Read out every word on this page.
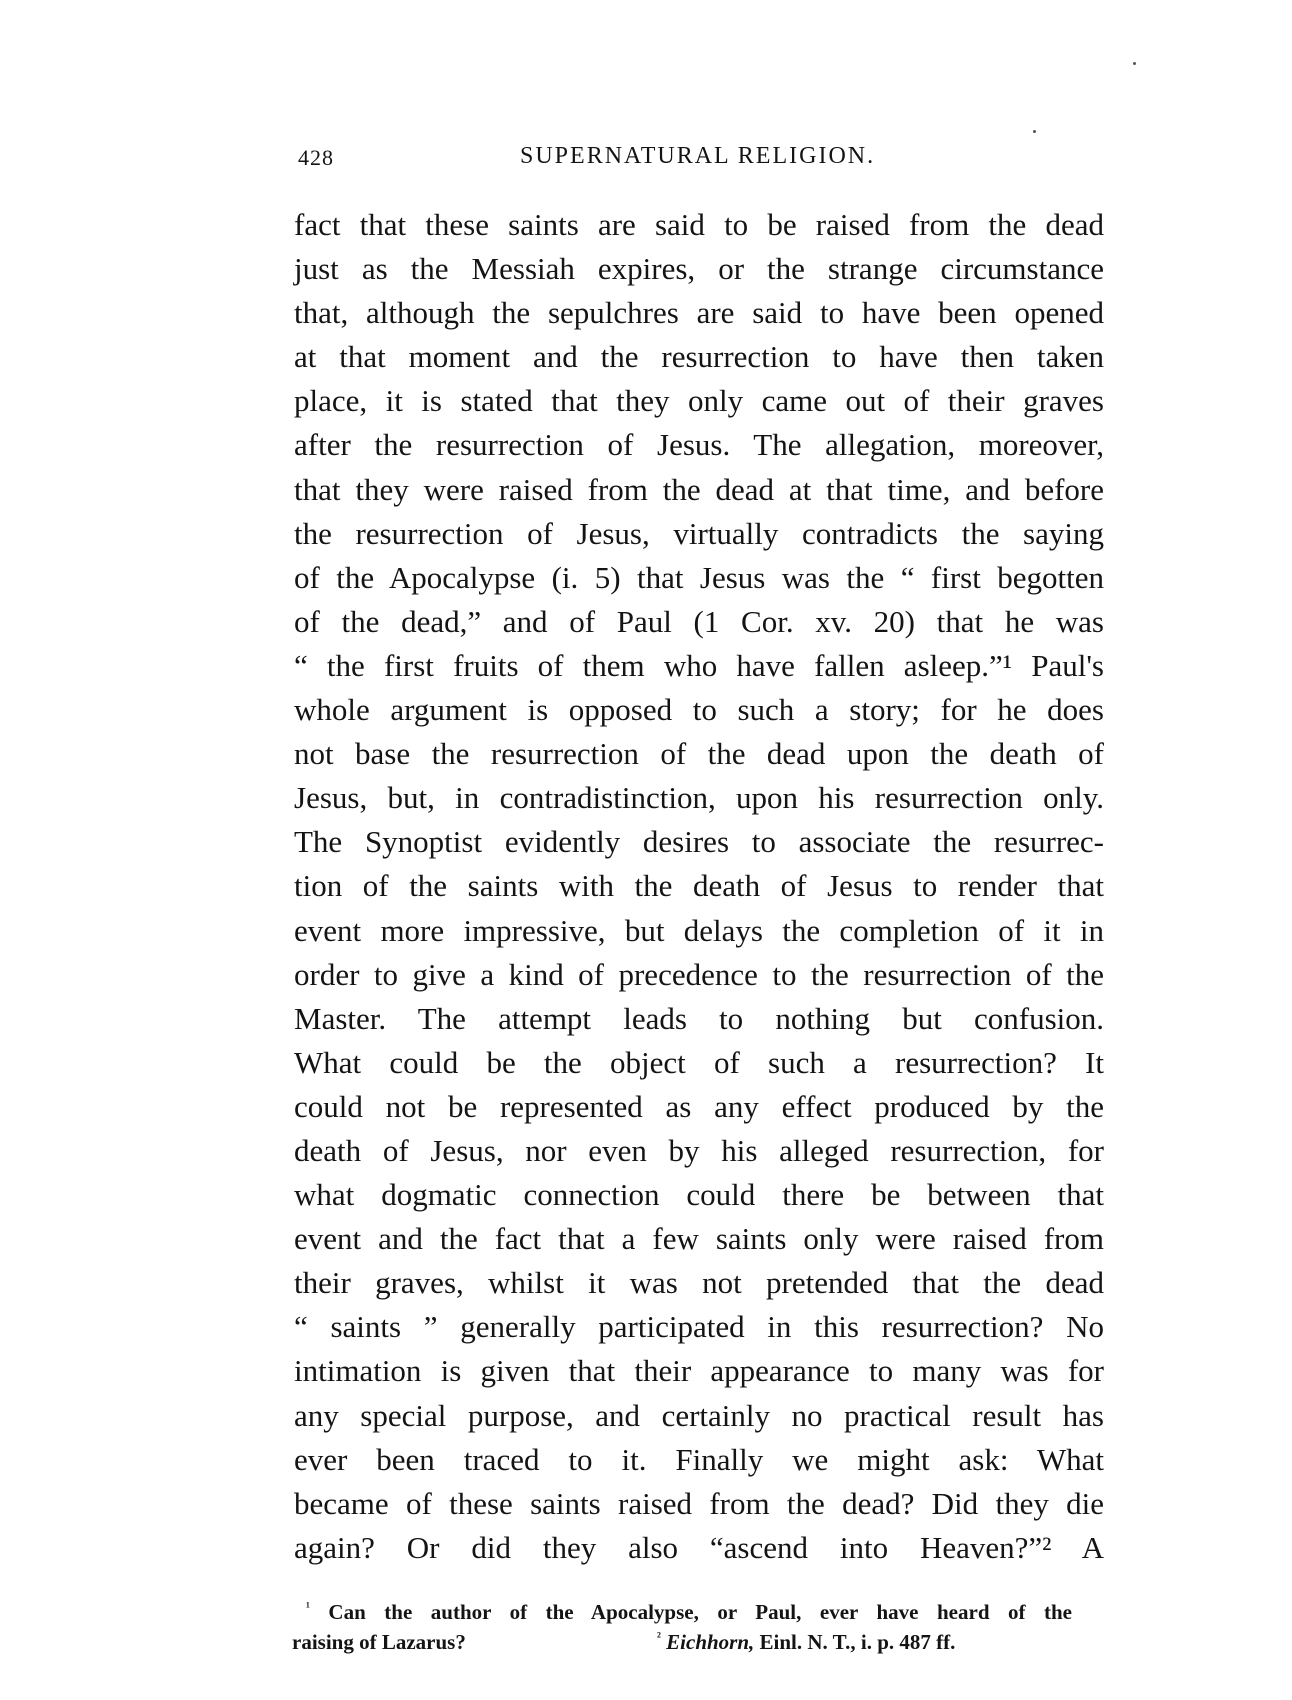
428	SUPERNATURAL RELIGION.
fact that these saints are said to be raised from the dead
just as the Messiah expires, or the strange circumstance
that, although the sepulchres are said to have been opened
at that moment and the resurrection to have then taken
place, it is stated that they only came out of their graves
after the resurrection of Jesus. The allegation, moreover,
that they were raised from the dead at that time, and before
the resurrection of Jesus, virtually contradicts the saying
of the Apocalypse (i. 5) that Jesus was the “ first begotten
of the dead,” and of Paul (1 Cor. xv. 20) that he was
“ the first fruits of them who have fallen asleep.”¹ Paul's
whole argument is opposed to such a story; for he does
not base the resurrection of the dead upon the death of
Jesus, but, in contradistinction, upon his resurrection only.
The Synoptist evidently desires to associate the resurrec-
tion of the saints with the death of Jesus to render that
event more impressive, but delays the completion of it in
order to give a kind of precedence to the resurrection of the
Master. The attempt leads to nothing but confusion.
What could be the object of such a resurrection? It
could not be represented as any effect produced by the
death of Jesus, nor even by his alleged resurrection, for
what dogmatic connection could there be between that
event and the fact that a few saints only were raised from
their graves, whilst it was not pretended that the dead
“ saints ” generally participated in this resurrection? No
intimation is given that their appearance to many was for
any special purpose, and certainly no practical result has
ever been traced to it. Finally we might ask: What
became of these saints raised from the dead? Did they die
again? Or did they also “ascend into Heaven?”² A
$^{^1}$ Can the author of the Apocalypse, or Paul, ever have heard of the
raising of Lazarus?	$^{^2}$ Eichhorn, Einl. N. T., i. p. 487 ff.
